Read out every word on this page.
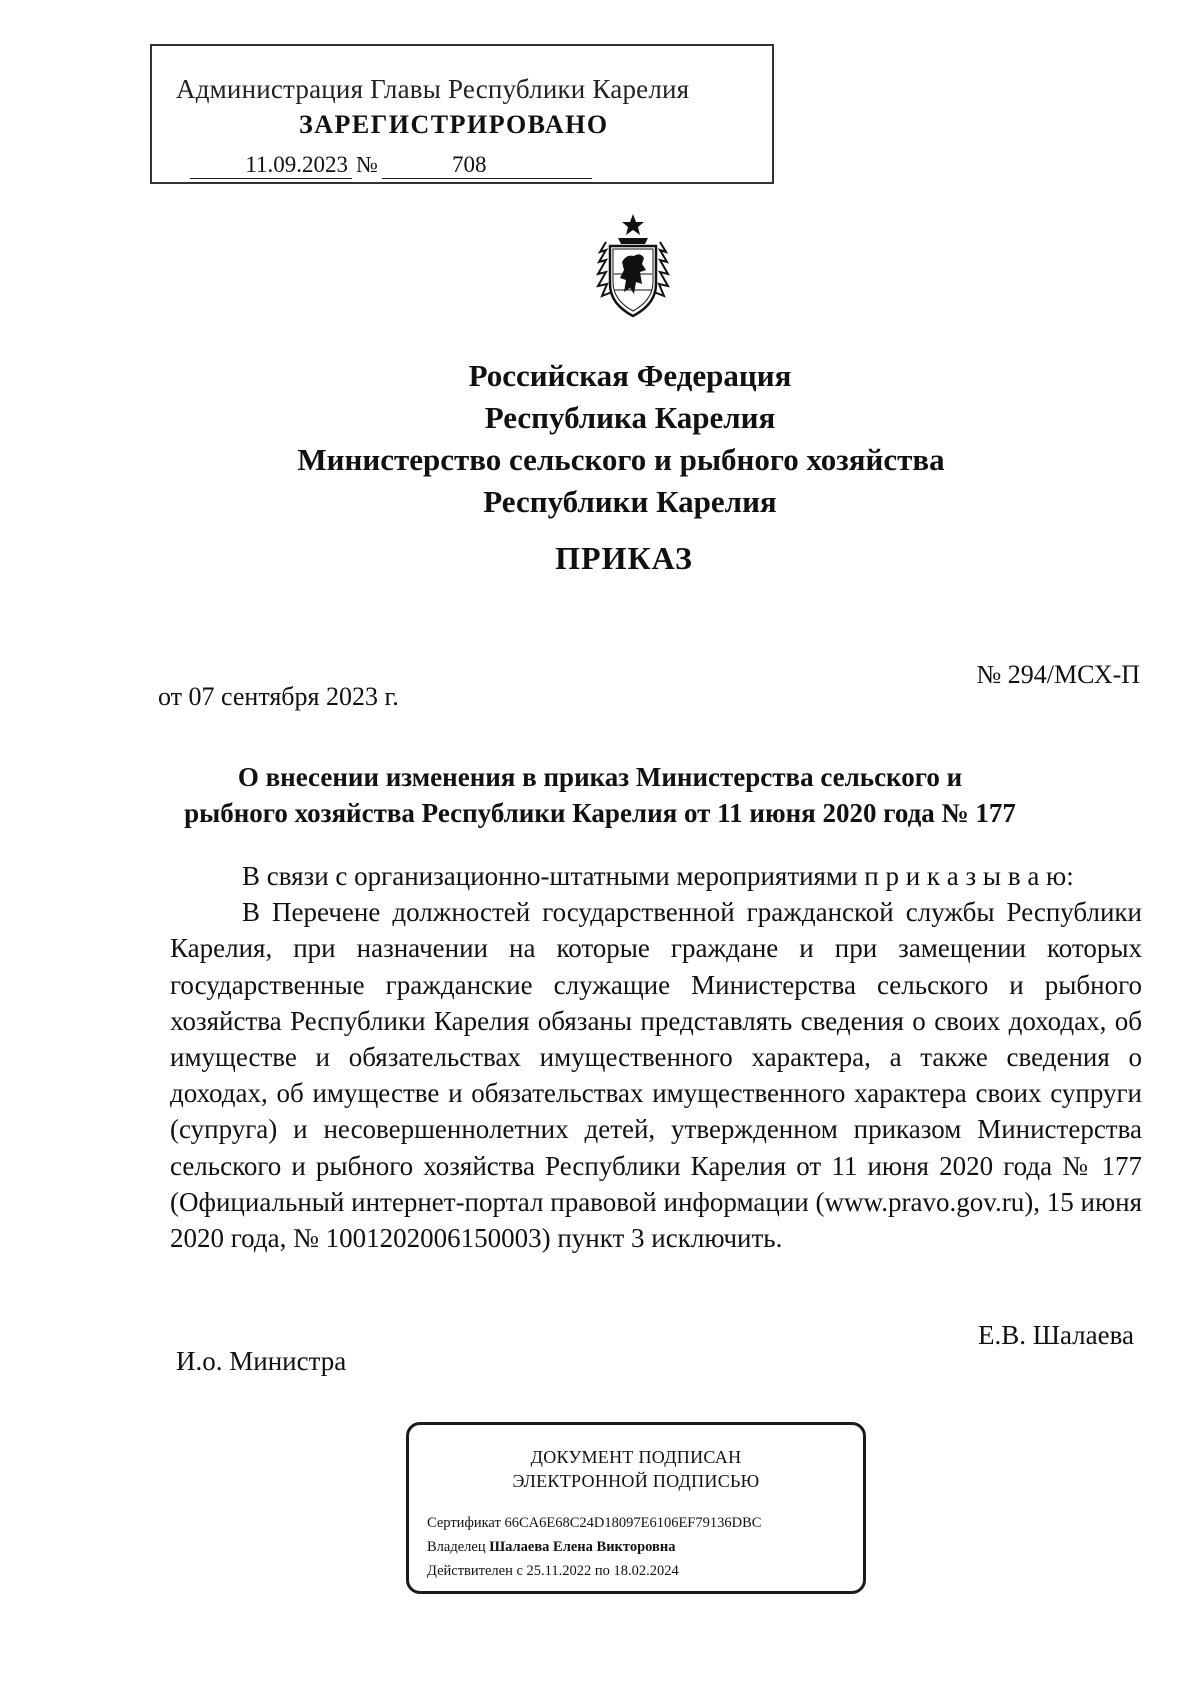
Администрация Главы Республики Карелия
ЗАРЕГИСТРИРОВАНО
11.09.2023 №	708
Российская Федерация
Республика Карелия
Министерство сельского и рыбного хозяйства
Республики Карелия
ПРИКАЗ
от 07 сентября 2023 г.
№ 294/МСХ-П
О внесении изменения в приказ Министерства сельского и
рыбного хозяйства Республики Карелия от 11 июня 2020 года № 177

В связи с организационно-штатными мероприятиями п р и к а з ы в а ю:

В Перечене должностей государственной гражданской службы Республики Карелия, при назначении на которые граждане и при замещении которых государственные гражданские служащие Министерства сельского и рыбного хозяйства Республики Карелия обязаны представлять сведения о своих доходах, об имуществе и обязательствах имущественного характера, а также сведения о доходах, об имуществе и обязательствах имущественного характера своих супруги (супруга) и несовершеннолетних детей, утвержденном приказом Министерства сельского и рыбного хозяйства Республики Карелия от 11 июня 2020 года № 177 (Официальный интернет-портал правовой информации (www.pravo.gov.ru), 15 июня 2020 года, № 1001202006150003) пункт 3 исключить.

И.о. Министра
Е.В. Шалаева
ДОКУМЕНТ ПОДПИСАН
ЭЛЕКТРОННОЙ ПОДПИСЬЮ
Сертификат 66CA6E68C24D18097E6106EF79136DBC
Владелец Шалаева Елена Викторовна
Действителен с 25.11.2022 по 18.02.2024
